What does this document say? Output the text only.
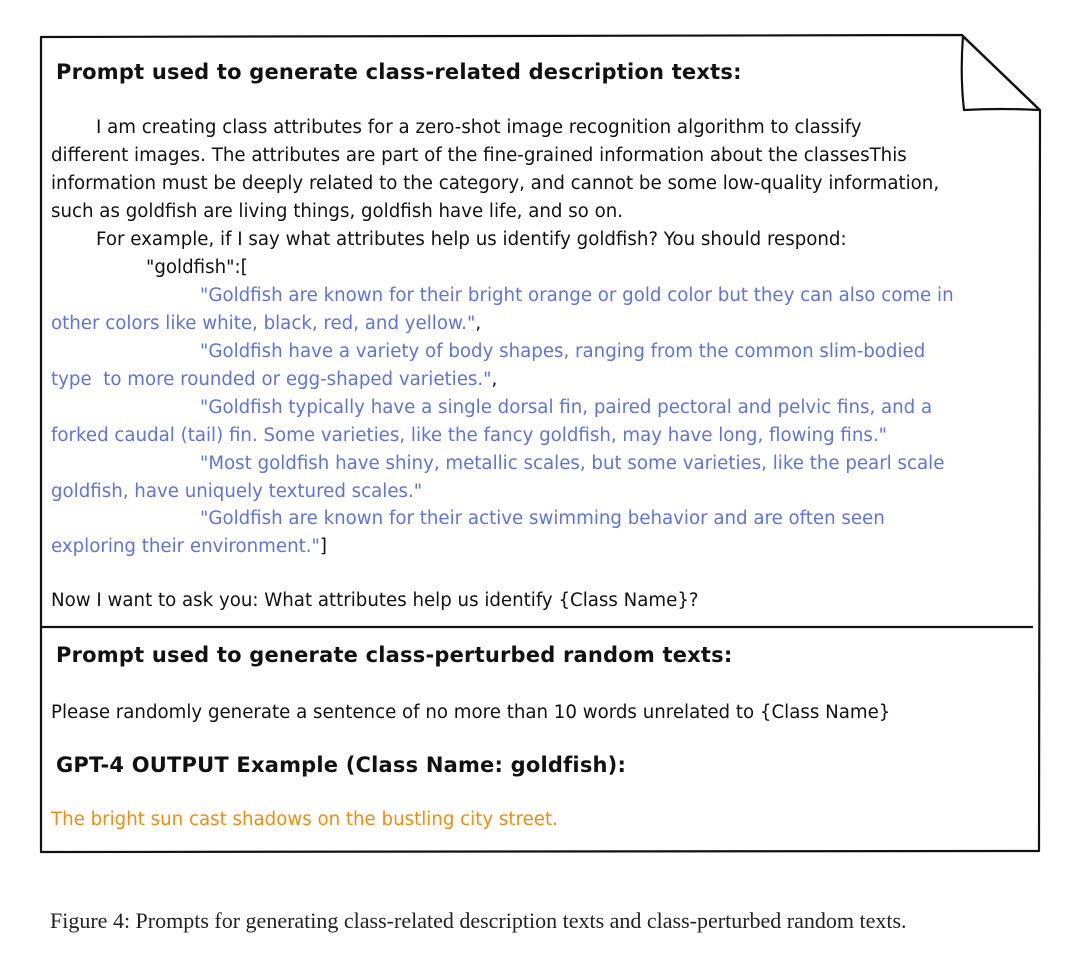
Prompt used to generate class-related description texts:
I am creating class attributes for a zero-shot image recognition algorithm to classify
different images. The attributes are part of the fine-grained information about the classesThis
information must be deeply related to the category, and cannot be some low-quality information,
such as goldfish are living things, goldfish have life, and so on.
For example, if I say what attributes help us identify goldfish? You should respond:
"goldfish":[
"Goldfish are known for their bright orange or gold color but they can also come in
other colors like white, black, red, and yellow.",
"Goldfish have a variety of body shapes, ranging from the common slim-bodied
type  to more rounded or egg-shaped varieties.",
"Goldfish typically have a single dorsal fin, paired pectoral and pelvic fins, and a
forked caudal (tail) fin. Some varieties, like the fancy goldfish, may have long, flowing fins."
"Most goldfish have shiny, metallic scales, but some varieties, like the pearl scale
goldfish, have uniquely textured scales."
"Goldfish are known for their active swimming behavior and are often seen
exploring their environment."]
Now I want to ask you: What attributes help us identify {Class Name}?
Prompt used to generate class-perturbed random texts:
Please randomly generate a sentence of no more than 10 words unrelated to {Class Name}
GPT-4 OUTPUT Example (Class Name: goldfish):
The bright sun cast shadows on the bustling city street.
Figure 4: Prompts for generating class-related description texts and class-perturbed random texts.
